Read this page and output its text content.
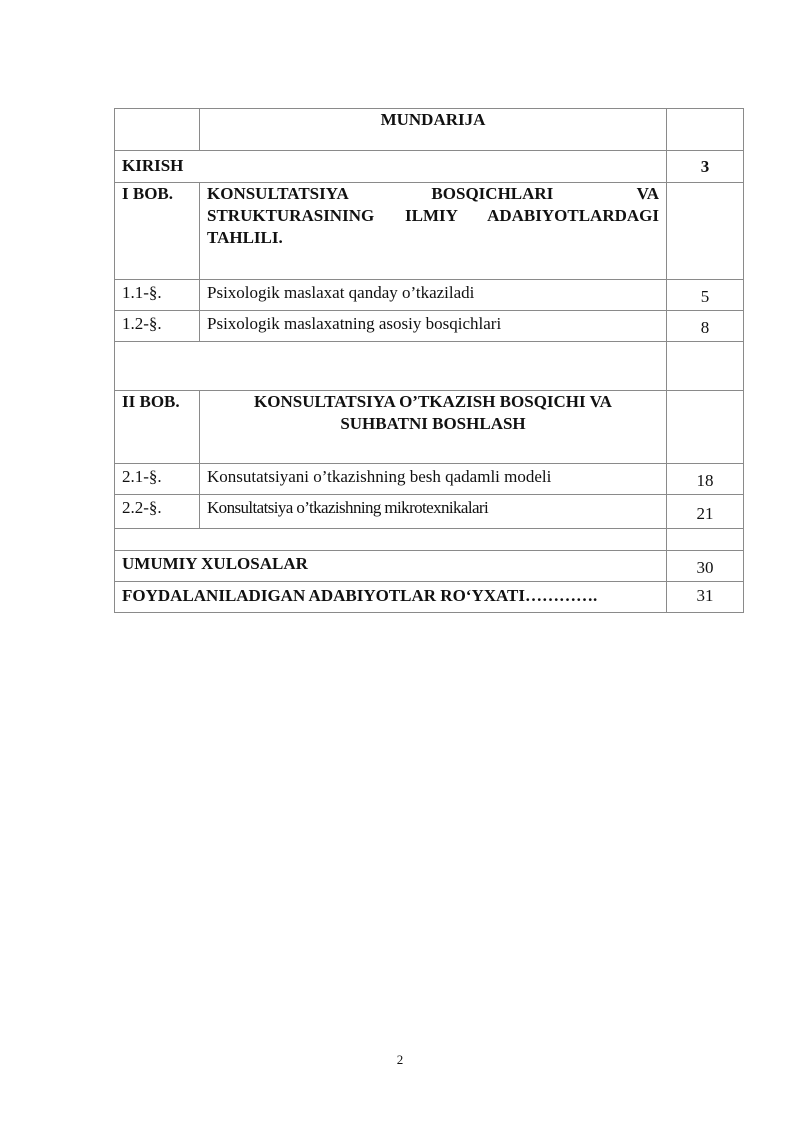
	MUNDARIJA	
KIRISH		3
I BOB.	KONSULTATSIYA BOSQICHLARI VA STRUKTURASINING ILMIY ADABIYOTLARDAGI TAHLILI.	
1.1-§.	Psixologik maslaxat qanday o’tkaziladi	5
1.2-§.	Psixologik maslaxatning asosiy bosqichlari	8

II BOB.	KONSULTATSIYA O’TKAZISH BOSQICHI VA SUHBATNI BOSHLASH	
2.1-§.	Konsutatsiyani o’tkazishning besh qadamli modeli	18
2.2-§.	Konsultatsiya o’tkazishning mikrotexnikalari	21

UMUMIY XULOSALAR		30
FOYDALANILADIGAN ADABIYOTLAR RO‘YXATI………….		31
2
